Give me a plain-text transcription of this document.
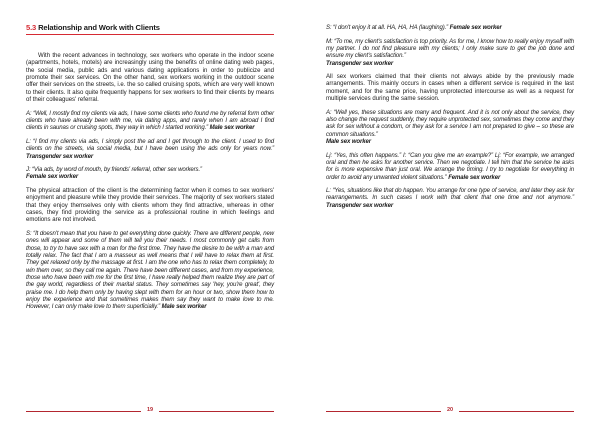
5.3 Relationship and Work with Clients

With the recent advances in technology, sex workers who operate in the indoor scene (apartments, hotels, motels) are increasingly using the benefits of online dating web pages, the social media, public ads and various dating applications in order to publicize and promote their sex services. On the other hand, sex workers working in the outdoor scene offer their services on the streets, i.e. the so called cruising spots, which are very well known to their clients. It also quite frequently happens for sex workers to find their clients by means of their colleagues' referral.

A: “Well, I mostly find my clients via ads, I have some clients who found me by referral form other clients who have already been with me, via dating apps, and rarely when I am abroad I find clients in saunas or cruising spots, they way in which I started working.” Male sex worker

L: “I find my clients via ads, I simply post the ad and I get through to the client. I used to find clients on the streets, via social media, but I have been using the ads only for years now.” Transgender sex worker

J: “Via ads, by word of mouth, by friends' referral, other sex workers.”
Female sex worker

The physical attraction of the client is the determining factor when it comes to sex workers' enjoyment and pleasure while they provide their services. The majority of sex workers stated that they enjoy themselves only with clients whom they find attractive, whereas in other cases, they find providing the service as a professional routine in which feelings and emotions are not involved.

S: “It doesn't mean that you have to get everything done quickly. There are different people, new ones will appear and some of them will tell you their needs. I most commonly get calls from those, to try to have sex with a man for the first time. They have the desire to be with a man and totally relax. The fact that I am a masseur as well means that I will have to relax them at first. They get relaxed only by the massage at first. I am the one who has to relax them completely, to win them over, so they call me again. There have been different cases, and from my experience, those who have been with me for the first time, I have really helped them realize they are part of the gay world, regardless of their marital status. They sometimes say 'hey, you're great', they praise me. I do help them only by having slept with them for an hour or two, show them how to enjoy the experience and that sometimes makes them say they want to make love to me. However, I can only make love to them superficially.” Male sex worker

19

S: “I don't enjoy it at all. HA, HA, HA (laughing).” Female sex worker

M: “To me, my client's satisfaction is top priority. As for me, I know how to really enjoy myself with my partner. I do not find pleasure with my clients; I only make sure to get the job done and ensure my client's satisfaction.”
Transgender sex worker

All sex workers claimed that their clients not always abide by the previously made arrangements. This mainly occurs in cases when a different service is required in the last moment, and for the same price, having unprotected intercourse as well as a request for multiple services during the same session.

A: “Well yes, these situations are many and frequent. And it is not only about the service, they also change the request suddenly, they require unprotected sex, sometimes they come and they ask for sex without a condom, or they ask for a service I am not prepared to give – so these are common situations.”
Male sex worker

Lj: “Yes, this often happens.” I: “Can you give me an example?” Lj: “For example, we arranged oral and then he asks for another service. Then we negotiate. I tell him that the service he asks for is more expensive than just oral. We arrange the timing. I try to negotiate for everything in order to avoid any unwanted violent situations.” Female sex worker

L: “Yes, situations like that do happen. You arrange for one type of service, and later they ask for rearrangements. In such cases I work with that client that one time and not anymore.” Transgender sex worker

20
